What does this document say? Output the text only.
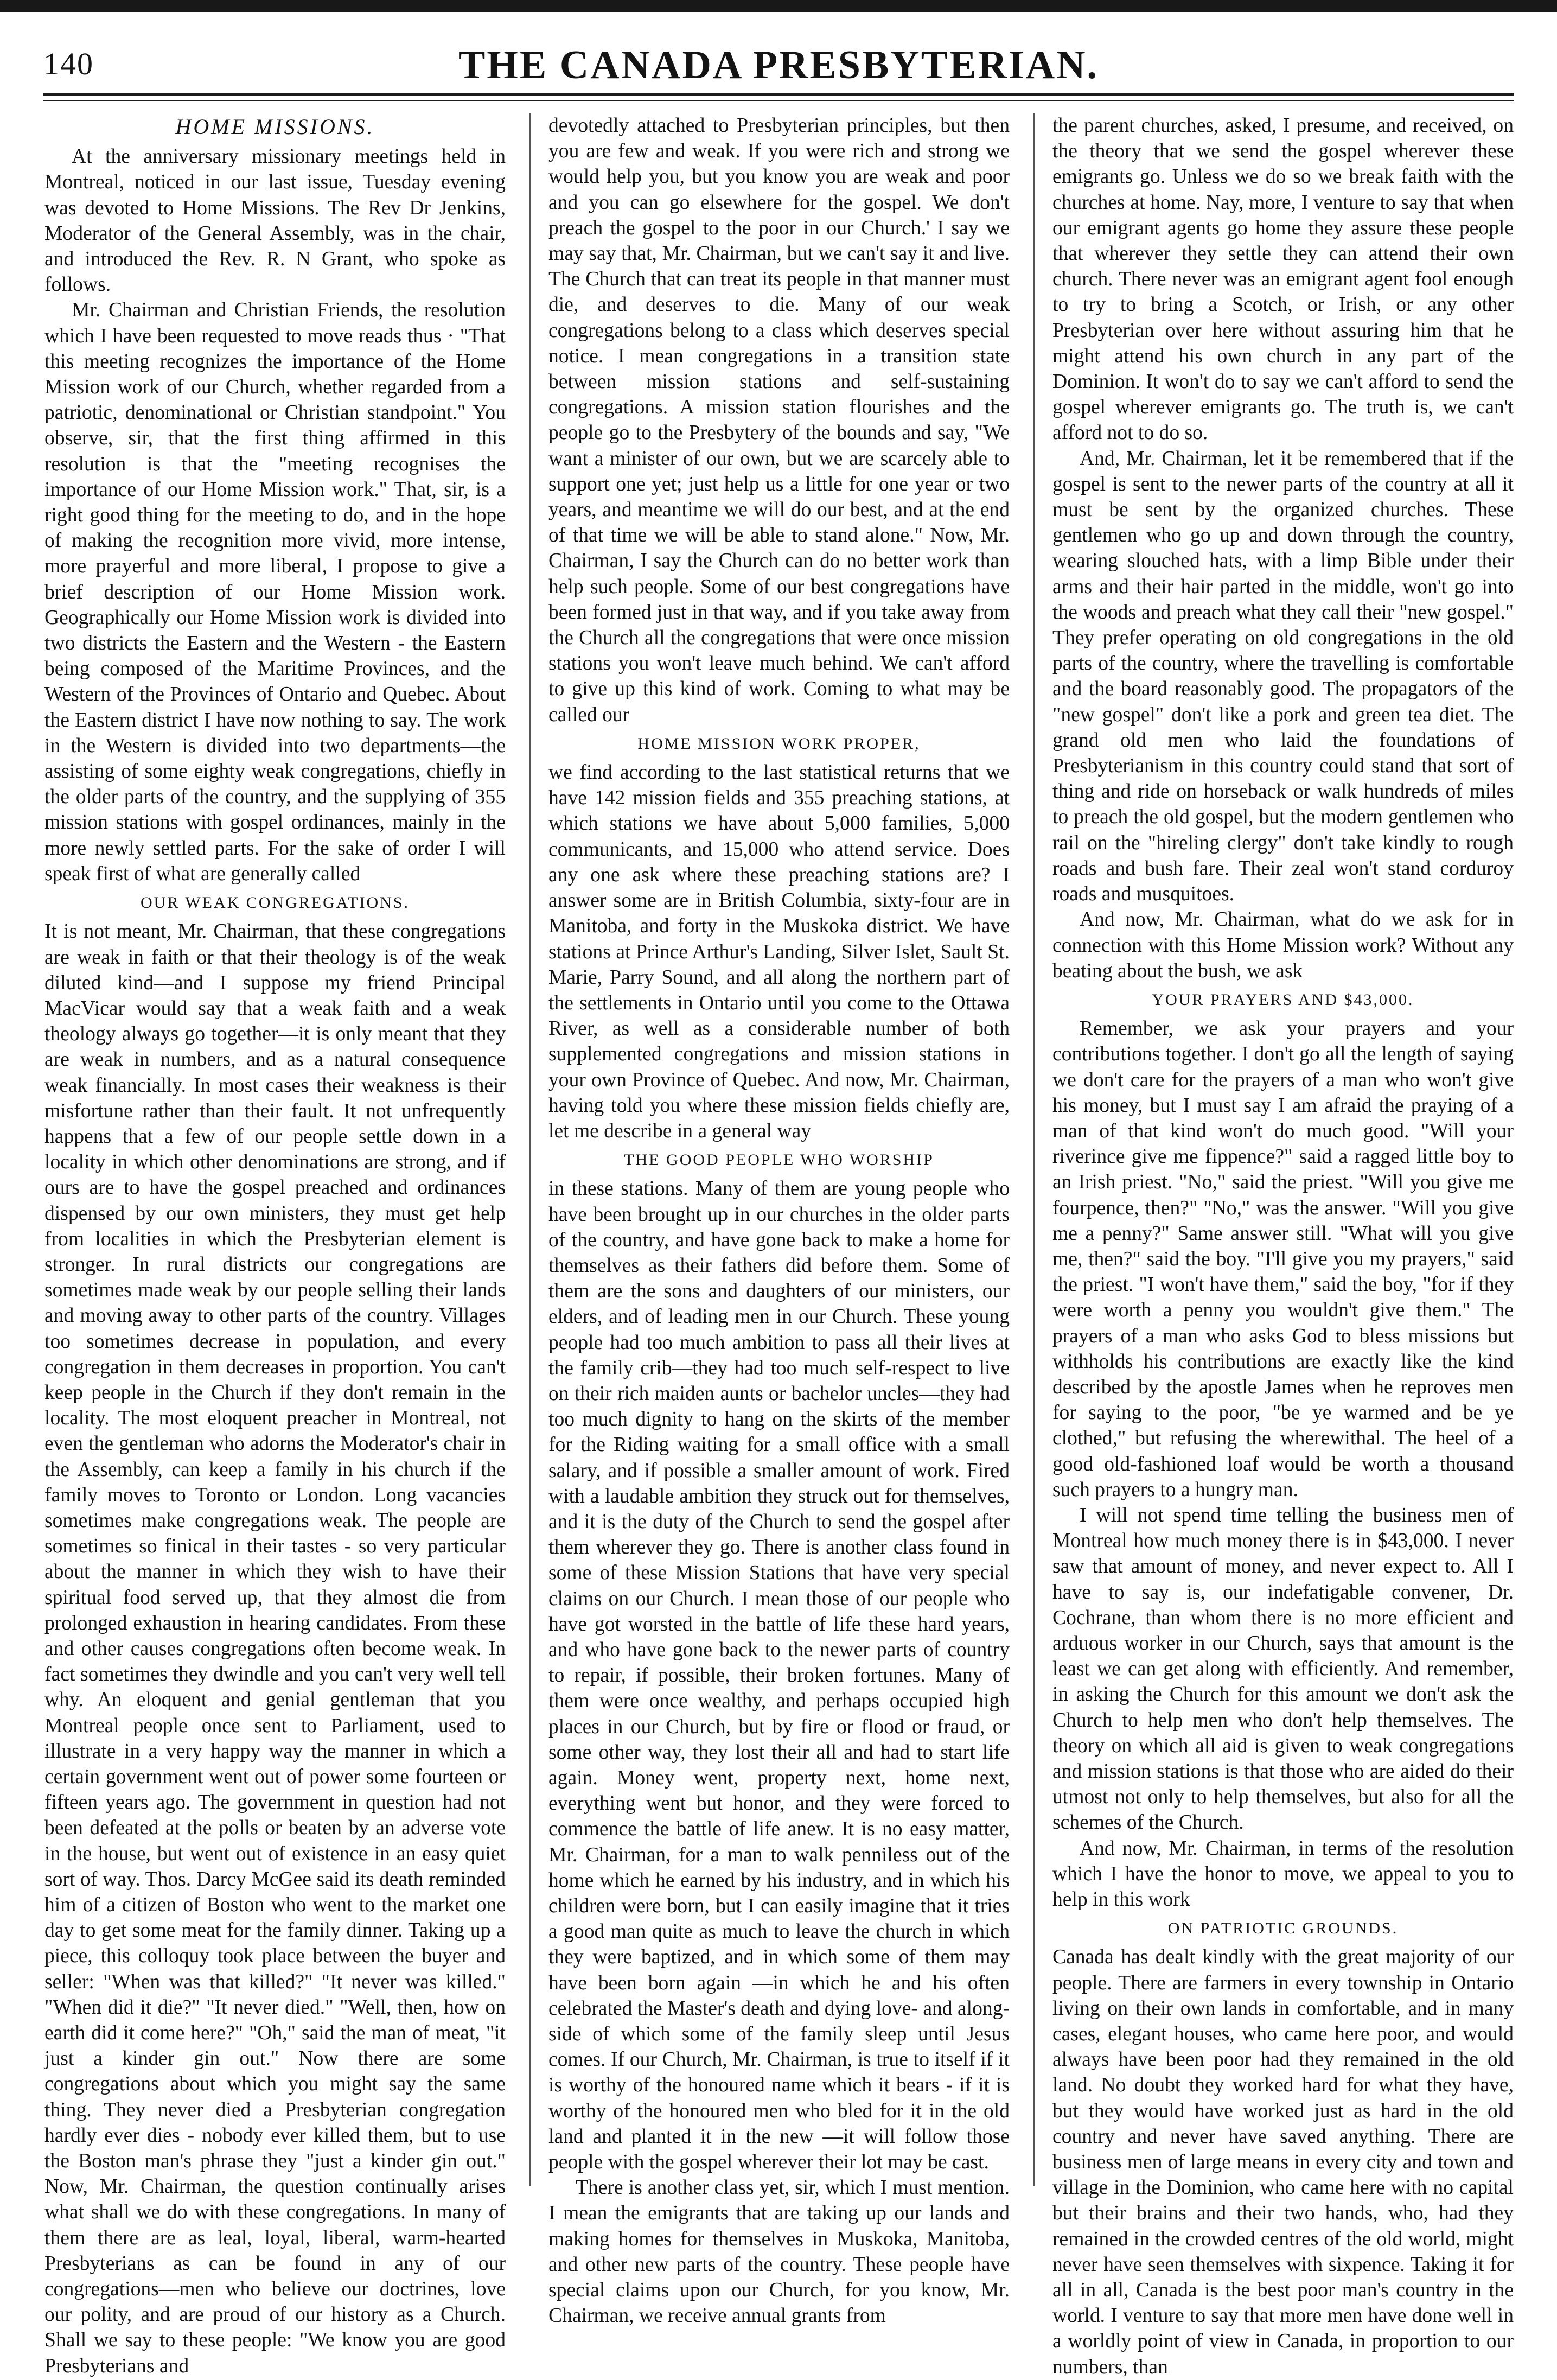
140	THE CANADA PRESBYTERIAN.
HOME MISSIONS.

At the anniversary missionary meetings held in Montreal, noticed in our last issue, Tuesday evening was devoted to Home Missions. The Rev Dr Jenkins, Moderator of the General Assembly, was in the chair, and introduced the Rev. R. N Grant, who spoke as follows.

Mr. Chairman and Christian Friends, the resolution which I have been requested to move reads thus · "That this meeting recognizes the importance of the Home Mission work of our Church, whether regarded from a patriotic, denominational or Christian standpoint." You observe, sir, that the first thing affirmed in this resolution is that the "meeting recognises the importance of our Home Mission work." That, sir, is a right good thing for the meeting to do, and in the hope of making the recognition more vivid, more intense, more prayerful and more liberal, I propose to give a brief description of our Home Mission work. Geographically our Home Mission work is divided into two districts the Eastern and the Western - the Eastern being composed of the Maritime Provinces, and the Western of the Provinces of Ontario and Quebec. About the Eastern district I have now nothing to say. The work in the Western is divided into two departments—the assisting of some eighty weak congregations, chiefly in the older parts of the country, and the supplying of 355 mission stations with gospel ordinances, mainly in the more newly settled parts. For the sake of order I will speak first of what are generally called

OUR WEAK CONGREGATIONS.

It is not meant, Mr. Chairman, that these congregations are weak in faith or that their theology is of the weak diluted kind—and I suppose my friend Principal MacVicar would say that a weak faith and a weak theology always go together—it is only meant that they are weak in numbers, and as a natural consequence weak financially. In most cases their weakness is their misfortune rather than their fault. It not unfrequently happens that a few of our people settle down in a locality in which other denominations are strong, and if ours are to have the gospel preached and ordinances dispensed by our own ministers, they must get help from localities in which the Presbyterian element is stronger. In rural districts our congregations are sometimes made weak by our people selling their lands and moving away to other parts of the country. Villages too sometimes decrease in population, and every congregation in them decreases in proportion. You can't keep people in the Church if they don't remain in the locality. The most eloquent preacher in Montreal, not even the gentleman who adorns the Moderator's chair in the Assembly, can keep a family in his church if the family moves to Toronto or London. Long vacancies sometimes make congregations weak. The people are sometimes so finical in their tastes - so very particular about the manner in which they wish to have their spiritual food served up, that they almost die from prolonged exhaustion in hearing candidates. From these and other causes congregations often become weak. In fact sometimes they dwindle and you can't very well tell why. An eloquent and genial gentleman that you Montreal people once sent to Parliament, used to illustrate in a very happy way the manner in which a certain government went out of power some fourteen or fifteen years ago. The government in question had not been defeated at the polls or beaten by an adverse vote in the house, but went out of existence in an easy quiet sort of way. Thos. Darcy McGee said its death reminded him of a citizen of Boston who went to the market one day to get some meat for the family dinner. Taking up a piece, this colloquy took place between the buyer and seller: "When was that killed?" "It never was killed." "When did it die?" "It never died." "Well, then, how on earth did it come here?" "Oh," said the man of meat, "it just a kinder gin out." Now there are some congregations about which you might say the same thing. They never died a Presbyterian congregation hardly ever dies - nobody ever killed them, but to use the Boston man's phrase they "just a kinder gin out." Now, Mr. Chairman, the question continually arises what shall we do with these congregations. In many of them there are as leal, loyal, liberal, warm-hearted Presbyterians as can be found in any of our congregations—men who believe our doctrines, love our polity, and are proud of our history as a Church. Shall we say to these people: "We know you are good Presbyterians and

devotedly attached to Presbyterian principles, but then you are few and weak. If you were rich and strong we would help you, but you know you are weak and poor and you can go elsewhere for the gospel. We don't preach the gospel to the poor in our Church.' I say we may say that, Mr. Chairman, but we can't say it and live. The Church that can treat its people in that manner must die, and deserves to die. Many of our weak congregations belong to a class which deserves special notice. I mean congregations in a transition state between mission stations and self-sustaining congregations. A mission station flourishes and the people go to the Presbytery of the bounds and say, "We want a minister of our own, but we are scarcely able to support one yet; just help us a little for one year or two years, and meantime we will do our best, and at the end of that time we will be able to stand alone." Now, Mr. Chairman, I say the Church can do no better work than help such people. Some of our best congregations have been formed just in that way, and if you take away from the Church all the congregations that were once mission stations you won't leave much behind. We can't afford to give up this kind of work. Coming to what may be called our

HOME MISSION WORK PROPER,

we find according to the last statistical returns that we have 142 mission fields and 355 preaching stations, at which stations we have about 5,000 families, 5,000 communicants, and 15,000 who attend service. Does any one ask where these preaching stations are? I answer some are in British Columbia, sixty-four are in Manitoba, and forty in the Muskoka district. We have stations at Prince Arthur's Landing, Silver Islet, Sault St. Marie, Parry Sound, and all along the northern part of the settlements in Ontario until you come to the Ottawa River, as well as a considerable number of both supplemented congregations and mission stations in your own Province of Quebec. And now, Mr. Chairman, having told you where these mission fields chiefly are, let me describe in a general way

THE GOOD PEOPLE WHO WORSHIP

in these stations. Many of them are young people who have been brought up in our churches in the older parts of the country, and have gone back to make a home for themselves as their fathers did before them. Some of them are the sons and daughters of our ministers, our elders, and of leading men in our Church. These young people had too much ambition to pass all their lives at the family crib—they had too much self-respect to live on their rich maiden aunts or bachelor uncles—they had too much dignity to hang on the skirts of the member for the Riding waiting for a small office with a small salary, and if possible a smaller amount of work. Fired with a laudable ambition they struck out for themselves, and it is the duty of the Church to send the gospel after them wherever they go. There is another class found in some of these Mission Stations that have very special claims on our Church. I mean those of our people who have got worsted in the battle of life these hard years, and who have gone back to the newer parts of country to repair, if possible, their broken fortunes. Many of them were once wealthy, and perhaps occupied high places in our Church, but by fire or flood or fraud, or some other way, they lost their all and had to start life again. Money went, property next, home next, everything went but honor, and they were forced to commence the battle of life anew. It is no easy matter, Mr. Chairman, for a man to walk penniless out of the home which he earned by his industry, and in which his children were born, but I can easily imagine that it tries a good man quite as much to leave the church in which they were baptized, and in which some of them may have been born again —in which he and his often celebrated the Master's death and dying love- and along-side of which some of the family sleep until Jesus comes. If our Church, Mr. Chairman, is true to itself if it is worthy of the honoured name which it bears - if it is worthy of the honoured men who bled for it in the old land and planted it in the new —it will follow those people with the gospel wherever their lot may be cast.

There is another class yet, sir, which I must mention. I mean the emigrants that are taking up our lands and making homes for themselves in Muskoka, Manitoba, and other new parts of the country. These people have special claims upon our Church, for you know, Mr. Chairman, we receive annual grants from

the parent churches, asked, I presume, and received, on the theory that we send the gospel wherever these emigrants go. Unless we do so we break faith with the churches at home. Nay, more, I venture to say that when our emigrant agents go home they assure these people that wherever they settle they can attend their own church. There never was an emigrant agent fool enough to try to bring a Scotch, or Irish, or any other Presbyterian over here without assuring him that he might attend his own church in any part of the Dominion. It won't do to say we can't afford to send the gospel wherever emigrants go. The truth is, we can't afford not to do so.

And, Mr. Chairman, let it be remembered that if the gospel is sent to the newer parts of the country at all it must be sent by the organized churches. These gentlemen who go up and down through the country, wearing slouched hats, with a limp Bible under their arms and their hair parted in the middle, won't go into the woods and preach what they call their "new gospel." They prefer operating on old congregations in the old parts of the country, where the travelling is comfortable and the board reasonably good. The propagators of the "new gospel" don't like a pork and green tea diet. The grand old men who laid the foundations of Presbyterianism in this country could stand that sort of thing and ride on horseback or walk hundreds of miles to preach the old gospel, but the modern gentlemen who rail on the "hireling clergy" don't take kindly to rough roads and bush fare. Their zeal won't stand corduroy roads and musquitoes.

And now, Mr. Chairman, what do we ask for in connection with this Home Mission work? Without any beating about the bush, we ask

YOUR PRAYERS AND $43,000.

Remember, we ask your prayers and your contributions together. I don't go all the length of saying we don't care for the prayers of a man who won't give his money, but I must say I am afraid the praying of a man of that kind won't do much good. "Will your riverince give me fippence?" said a ragged little boy to an Irish priest. "No," said the priest. "Will you give me fourpence, then?" "No," was the answer. "Will you give me a penny?" Same answer still. "What will you give me, then?" said the boy. "I'll give you my prayers," said the priest. "I won't have them," said the boy, "for if they were worth a penny you wouldn't give them." The prayers of a man who asks God to bless missions but withholds his contributions are exactly like the kind described by the apostle James when he reproves men for saying to the poor, "be ye warmed and be ye clothed," but refusing the wherewithal. The heel of a good old-fashioned loaf would be worth a thousand such prayers to a hungry man.

I will not spend time telling the business men of Montreal how much money there is in $43,000. I never saw that amount of money, and never expect to. All I have to say is, our indefatigable convener, Dr. Cochrane, than whom there is no more efficient and arduous worker in our Church, says that amount is the least we can get along with efficiently. And remember, in asking the Church for this amount we don't ask the Church to help men who don't help themselves. The theory on which all aid is given to weak congregations and mission stations is that those who are aided do their utmost not only to help themselves, but also for all the schemes of the Church.

And now, Mr. Chairman, in terms of the resolution which I have the honor to move, we appeal to you to help in this work

ON PATRIOTIC GROUNDS.

Canada has dealt kindly with the great majority of our people. There are farmers in every township in Ontario living on their own lands in comfortable, and in many cases, elegant houses, who came here poor, and would always have been poor had they remained in the old land. No doubt they worked hard for what they have, but they would have worked just as hard in the old country and never have saved anything. There are business men of large means in every city and town and village in the Dominion, who came here with no capital but their brains and their two hands, who, had they remained in the crowded centres of the old world, might never have seen themselves with sixpence. Taking it for all in all, Canada is the best poor man's country in the world. I venture to say that more men have done well in a worldly point of view in Canada, in proportion to our numbers, than
